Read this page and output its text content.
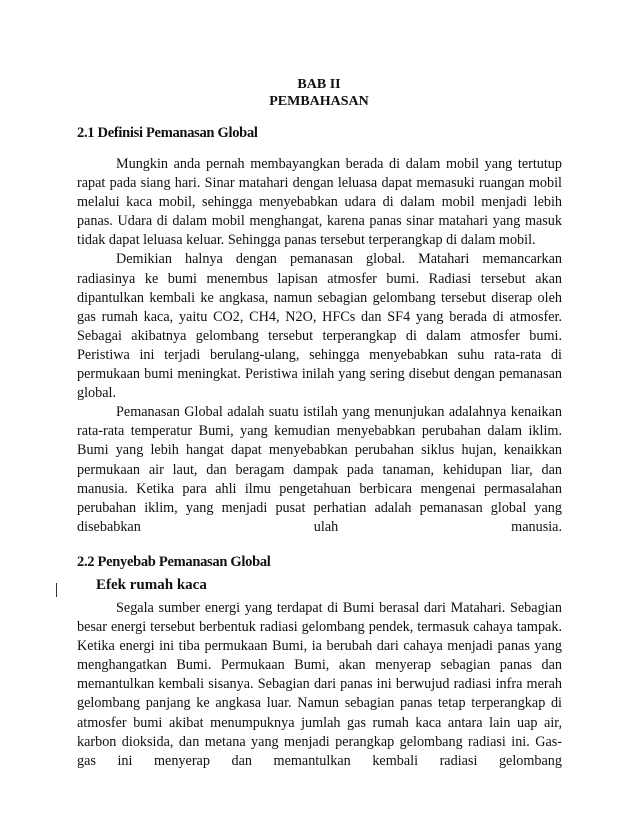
BAB II
PEMBAHASAN
2.1 Definisi Pemanasan Global

Mungkin anda pernah membayangkan berada di dalam mobil yang tertutup rapat pada siang hari. Sinar matahari dengan leluasa dapat memasuki ruangan mobil melalui kaca mobil, sehingga menyebabkan udara di dalam mobil menjadi lebih panas. Udara di dalam mobil menghangat, karena panas sinar matahari yang masuk tidak dapat leluasa keluar. Sehingga panas tersebut terperangkap di dalam mobil.

Demikian halnya dengan pemanasan global. Matahari memancarkan radiasinya ke bumi menembus lapisan atmosfer bumi. Radiasi tersebut akan dipantulkan kembali ke angkasa, namun sebagian gelombang tersebut diserap oleh gas rumah kaca, yaitu CO2, CH4, N2O, HFCs dan SF4 yang berada di atmosfer. Sebagai akibatnya gelombang tersebut terperangkap di dalam atmosfer bumi. Peristiwa ini terjadi berulang-ulang, sehingga menyebabkan suhu rata-rata di permukaan bumi meningkat. Peristiwa inilah yang sering disebut dengan pemanasan global.

Pemanasan Global adalah suatu istilah yang menunjukan adalahnya kenaikan rata-rata temperatur Bumi, yang kemudian menyebabkan perubahan dalam iklim. Bumi yang lebih hangat dapat menyebabkan perubahan siklus hujan, kenaikkan permukaan air laut, dan beragam dampak pada tanaman, kehidupan liar, dan manusia. Ketika para ahli ilmu pengetahuan berbicara mengenai permasalahan perubahan iklim, yang menjadi pusat perhatian adalah pemanasan global yang disebabkan ulah manusia.

2.2 Penyebab Pemanasan Global
Efek rumah kaca

Segala sumber energi yang terdapat di Bumi berasal dari Matahari. Sebagian besar energi tersebut berbentuk radiasi gelombang pendek, termasuk cahaya tampak. Ketika energi ini tiba permukaan Bumi, ia berubah dari cahaya menjadi panas yang menghangatkan Bumi. Permukaan Bumi, akan menyerap sebagian panas dan memantulkan kembali sisanya. Sebagian dari panas ini berwujud radiasi infra merah gelombang panjang ke angkasa luar. Namun sebagian panas tetap terperangkap di atmosfer bumi akibat menumpuknya jumlah gas rumah kaca antara lain uap air, karbon dioksida, dan metana yang menjadi perangkap gelombang radiasi ini. Gas-gas ini menyerap dan memantulkan kembali radiasi gelombang
